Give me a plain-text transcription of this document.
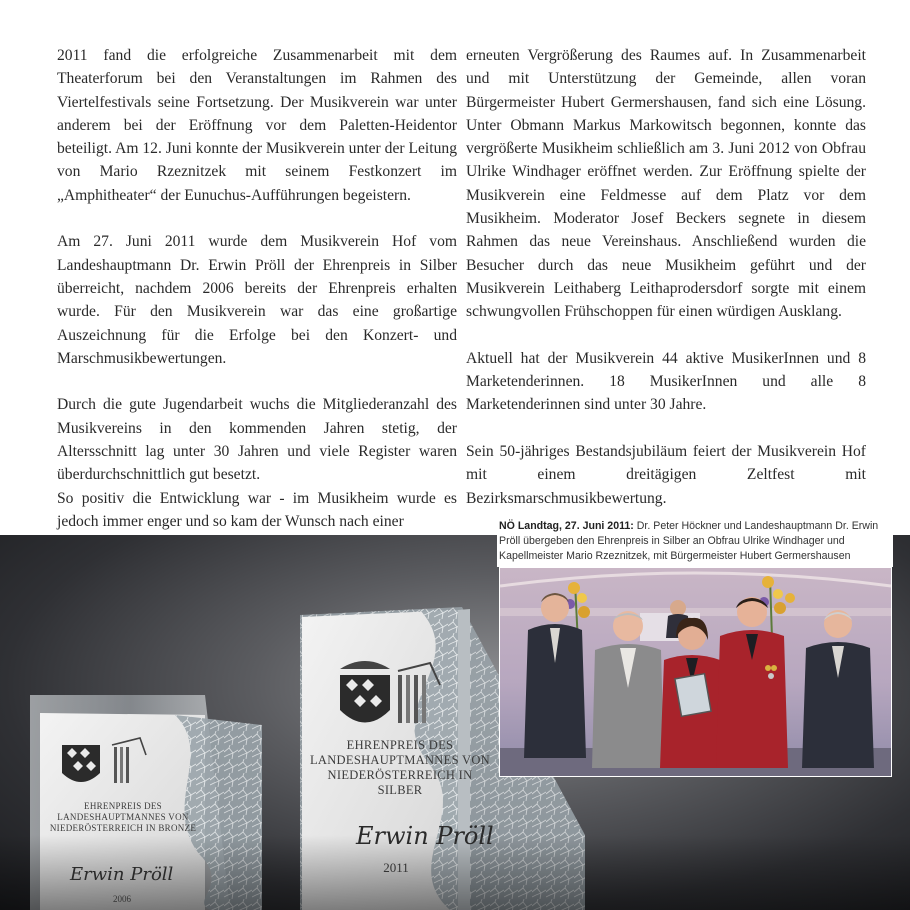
2011 fand die erfolgreiche Zusammenarbeit mit dem Theaterforum bei den Veranstaltungen im Rahmen des Viertelfestivals seine Fortsetzung. Der Musikverein war unter anderem bei der Eröffnung vor dem Paletten-Heidentor beteiligt. Am 12. Juni konnte der Musikverein unter der Leitung von Mario Rzeznitzek mit seinem Festkonzert im „Amphitheater“ der Eunuchus-Aufführungen begeistern.

Am 27. Juni 2011 wurde dem Musikverein Hof vom Landeshauptmann Dr. Erwin Pröll der Ehrenpreis in Silber überreicht, nachdem 2006 bereits der Ehrenpreis erhalten wurde. Für den Musikverein war das eine großartige Auszeichnung für die Erfolge bei den Konzert- und Marschmusikbewertungen.

Durch die gute Jugendarbeit wuchs die Mitgliederanzahl des Musikvereins in den kommenden Jahren stetig, der Altersschnitt lag unter 30 Jahren und viele Register waren überdurchschnittlich gut besetzt.

So positiv die Entwicklung war - im Musikheim wurde es jedoch immer enger und so kam der Wunsch nach einer

erneuten Vergrößerung des Raumes auf. In Zusammenarbeit und mit Unterstützung der Gemeinde, allen voran Bürgermeister Hubert Germershausen, fand sich eine Lösung. Unter Obmann Markus Markowitsch begonnen, konnte das vergrößerte Musikheim schließlich am 3. Juni 2012 von Obfrau Ulrike Windhager eröffnet werden. Zur Eröffnung spielte der Musikverein eine Feldmesse auf dem Platz vor dem Musikheim. Moderator Josef Beckers segnete in diesem Rahmen das neue Vereinshaus. Anschließend wurden die Besucher durch das neue Musikheim geführt und der Musikverein Leithaberg Leithaprodersdorf sorgte mit einem schwungvollen Frühschoppen für einen würdigen Ausklang.

Aktuell hat der Musikverein 44 aktive MusikerInnen und 8 Marketenderinnen. 18 MusikerInnen und alle 8 Marketenderinnen sind unter 30 Jahre.

Sein 50-jähriges Bestandsjubiläum feiert der Musikverein Hof mit einem dreitägigen Zeltfest mit Bezirksmarschmusikbewertung.

EHRENPREIS DES LANDESHAUPTMANNES VON NIEDERÖSTERREICH IN SILBER
Erwin Pröll
2011
EHRENPREIS DES LANDESHAUPTMANNES VON NIEDERÖSTERREICH IN BRONZE
Erwin Pröll
2006
NÖ Landtag, 27. Juni 2011: Dr. Peter Höckner und Landeshauptmann Dr. Erwin Pröll übergeben den Ehrenpreis in Silber an Obfrau Ulrike Windhager und Kapellmeister Mario Rzeznitzek, mit Bürgermeister Hubert Germershausen
